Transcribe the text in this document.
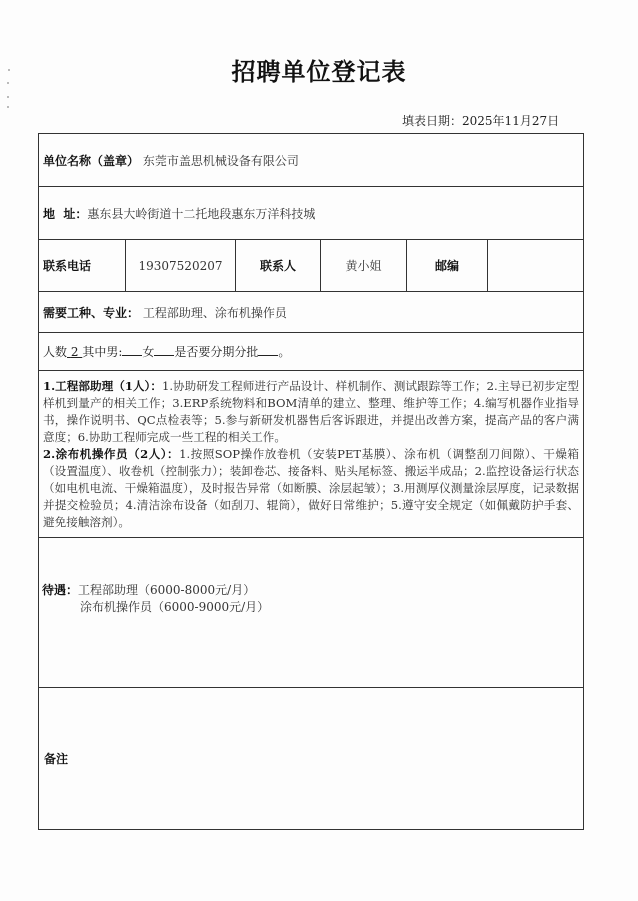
招聘单位登记表
填表日期：2025年11月27日
单位名称（盖章） 东莞市盖思机械设备有限公司
地  址：惠东县大岭街道十二托地段惠东万洋科技城
联系电话	19307520207	联系人	黄小姐	邮编	
需要工种、专业： 工程部助理、涂布机操作员
人数 2 其中男: 女 是否要分期分批 。
1.工程部助理（1人）：1.协助研发工程师进行产品设计、样机制作、测试跟踪等工作；2.主导已初步定型样机到量产的相关工作；3.ERP系统物料和BOM清单的建立、整理、维护等工作；4.编写机器作业指导书，操作说明书、QC点检表等；5.参与新研发机器售后客诉跟进，并提出改善方案，提高产品的客户满意度；6.协助工程师完成一些工程的相关工作。
2.涂布机操作员（2人）：1.按照SOP操作放卷机（安装PET基膜）、涂布机（调整刮刀间隙）、干燥箱（设置温度）、收卷机（控制张力）；装卸卷芯、接备料、贴头尾标签、搬运半成品；2.监控设备运行状态（如电机电流、干燥箱温度），及时报告异常（如断膜、涂层起皱）；3.用测厚仪测量涂层厚度，记录数据并提交检验员；4.清洁涂布设备（如刮刀、辊筒），做好日常维护；5.遵守安全规定（如佩戴防护手套、避免接触溶剂）。

待遇：工程部助理（6000-8000元/月）
涂布机操作员（6000-9000元/月）

备注
